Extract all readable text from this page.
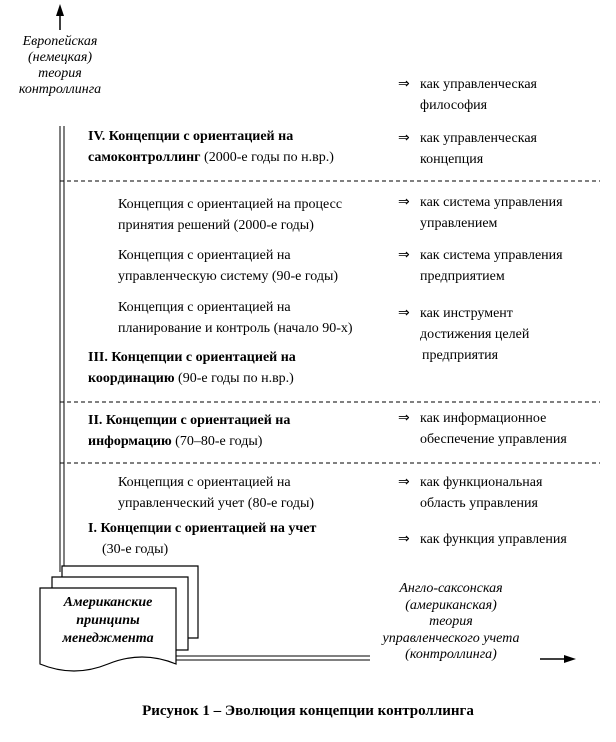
Европейская
(немецкая)
теория
контроллинга	⇒ как управленческая
философия
IV. Концепции с ориентацией на
самоконтроллинг (2000-е годы по н.вр.)
⇒ как управленческая
концепция
Концепция с ориентацией на процесс
принятия решений (2000-е годы)
⇒ как система управления
управлением
Концепция с ориентацией на
управленческую систему (90-е годы)
⇒ как система управления
предприятием
Концепция с ориентацией на
планирование и контроль (начало 90-х)
⇒ как инструмент
достижения целей
предприятия
III. Концепции с ориентацией на
координацию (90-е годы по н.вр.)
II. Концепции с ориентацией на
информацию (70–80-е годы)
⇒ как информационное
обеспечение управления
Концепция с ориентацией на
управленческий учет (80-е годы)
⇒ как функциональная
область управления
I. Концепции с ориентацией на учет
(30-е годы)
⇒ как функция управления
Американские
принципы
менеджмента
Англо-саксонская
(американская)
теория
управленческого учета
(контроллинга)
Рисунок 1 – Эволюция концепции контроллинга
